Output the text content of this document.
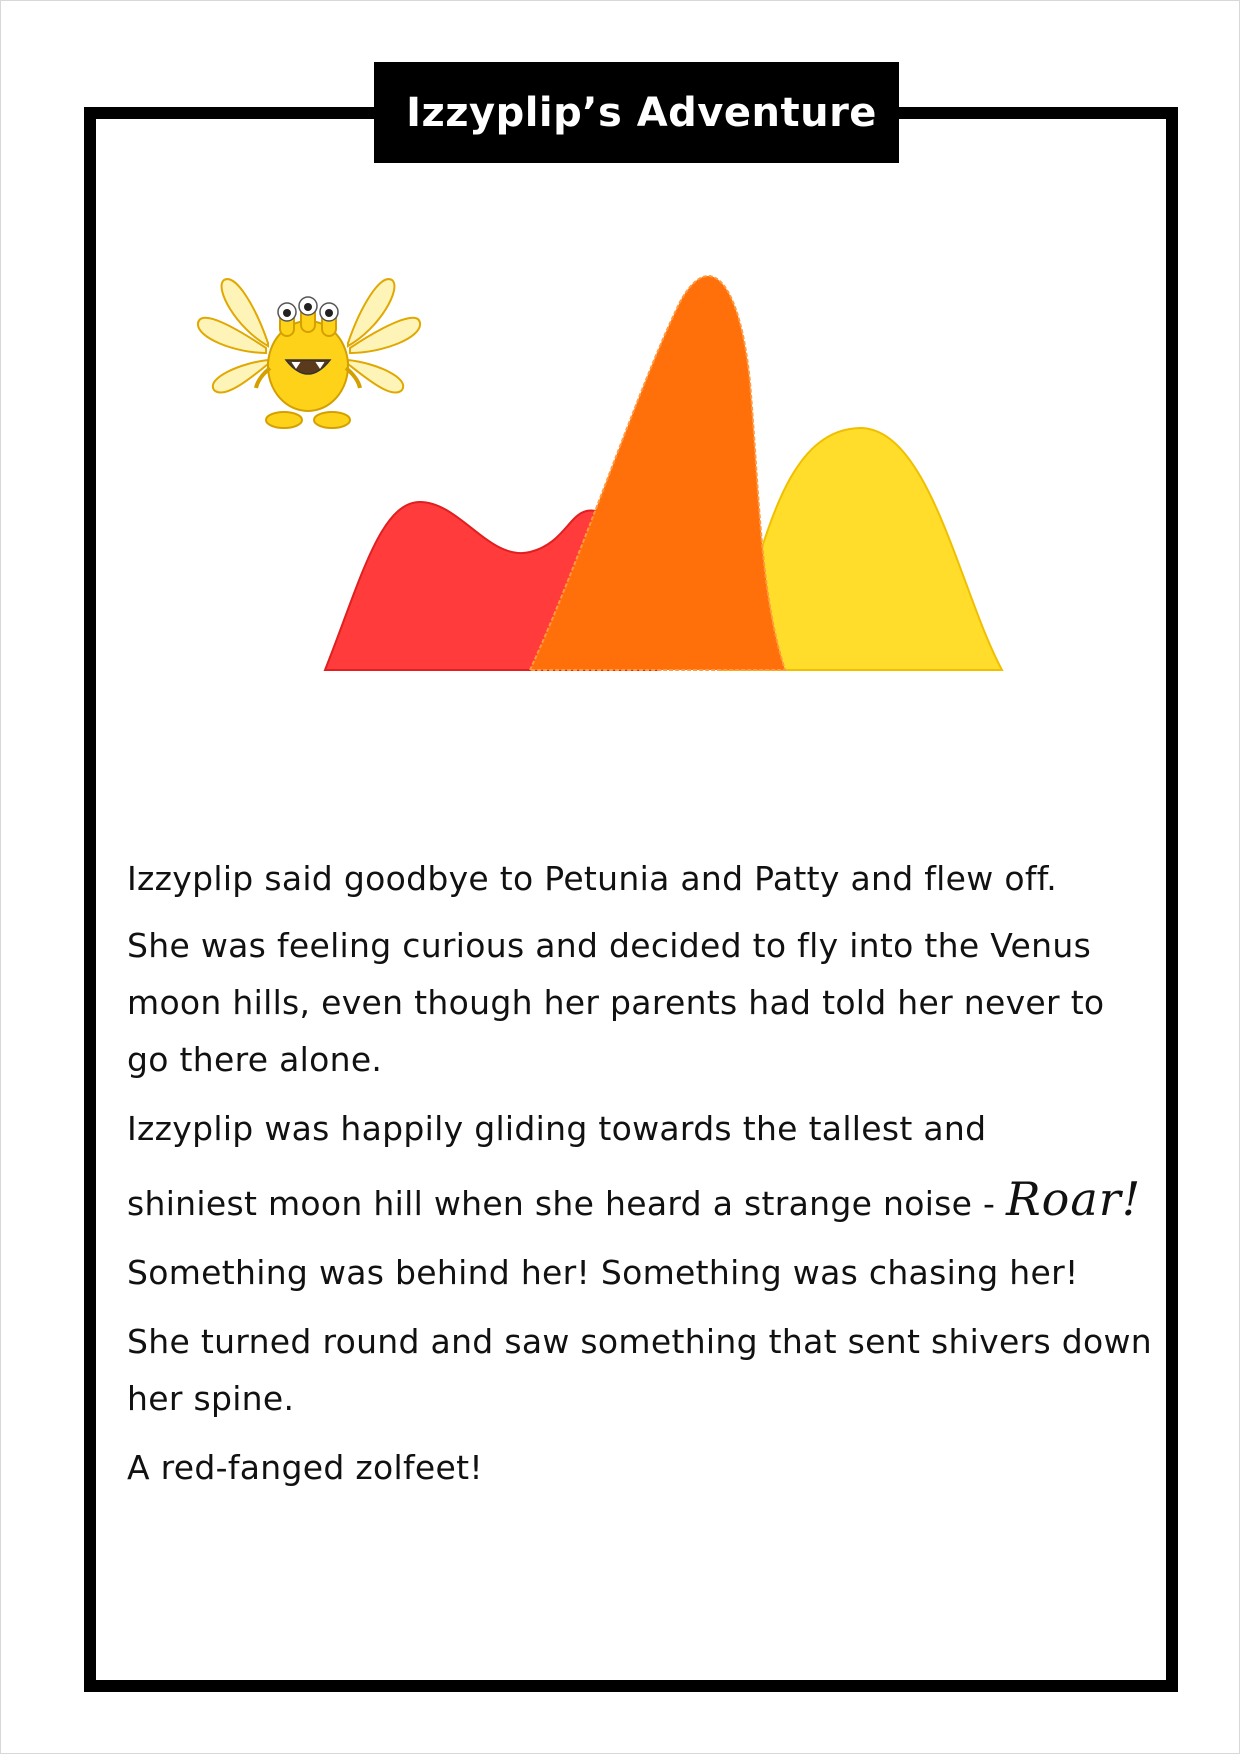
Izzyplip’s Adventure

Izzyplip said goodbye to Petunia and Patty and flew off.

She was feeling curious and decided to fly into the Venus
moon hills, even though her parents had told her never to
go there alone.

Izzyplip was happily gliding towards the tallest and
shiniest moon hill when she heard a strange noise - Roar!

Something was behind her! Something was chasing her!

She turned round and saw something that sent shivers down
her spine.

A red-fanged zolfeet!
